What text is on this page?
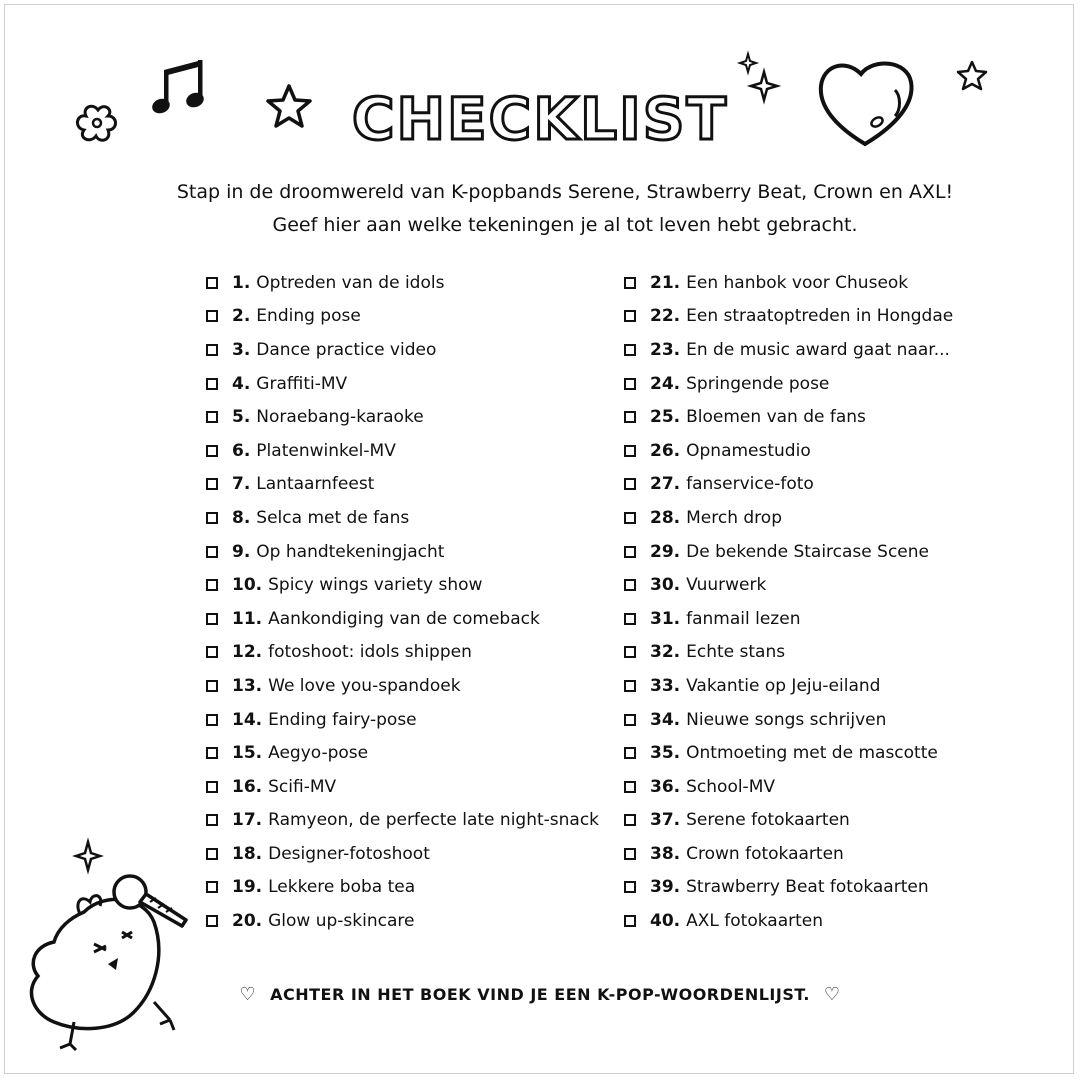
CHECKLIST
Stap in de droomwereld van K-popbands Serene, Strawberry Beat, Crown en AXL!
Geef hier aan welke tekeningen je al tot leven hebt gebracht.
1. Optreden van de idols
2. Ending pose
3. Dance practice video
4. Graffiti-MV
5. Noraebang-karaoke
6. Platenwinkel-MV
7. Lantaarnfeest
8. Selca met de fans
9. Op handtekeningjacht
10. Spicy wings variety show
11. Aankondiging van de comeback
12. fotoshoot: idols shippen
13. We love you-spandoek
14. Ending fairy-pose
15. Aegyo-pose
16. Scifi-MV
17. Ramyeon, de perfecte late night-snack
18. Designer-fotoshoot
19. Lekkere boba tea
20. Glow up-skincare
21. Een hanbok voor Chuseok
22. Een straatoptreden in Hongdae
23. En de music award gaat naar...
24. Springende pose
25. Bloemen van de fans
26. Opnamestudio
27. fanservice-foto
28. Merch drop
29. De bekende Staircase Scene
30. Vuurwerk
31. fanmail lezen
32. Echte stans
33. Vakantie op Jeju-eiland
34. Nieuwe songs schrijven
35. Ontmoeting met de mascotte
36. School-MV
37. Serene fotokaarten
38. Crown fotokaarten
39. Strawberry Beat fotokaarten
40. AXL fotokaarten
♡ ACHTER IN HET BOEK VIND JE EEN K-POP-WOORDENLIJST. ♡
